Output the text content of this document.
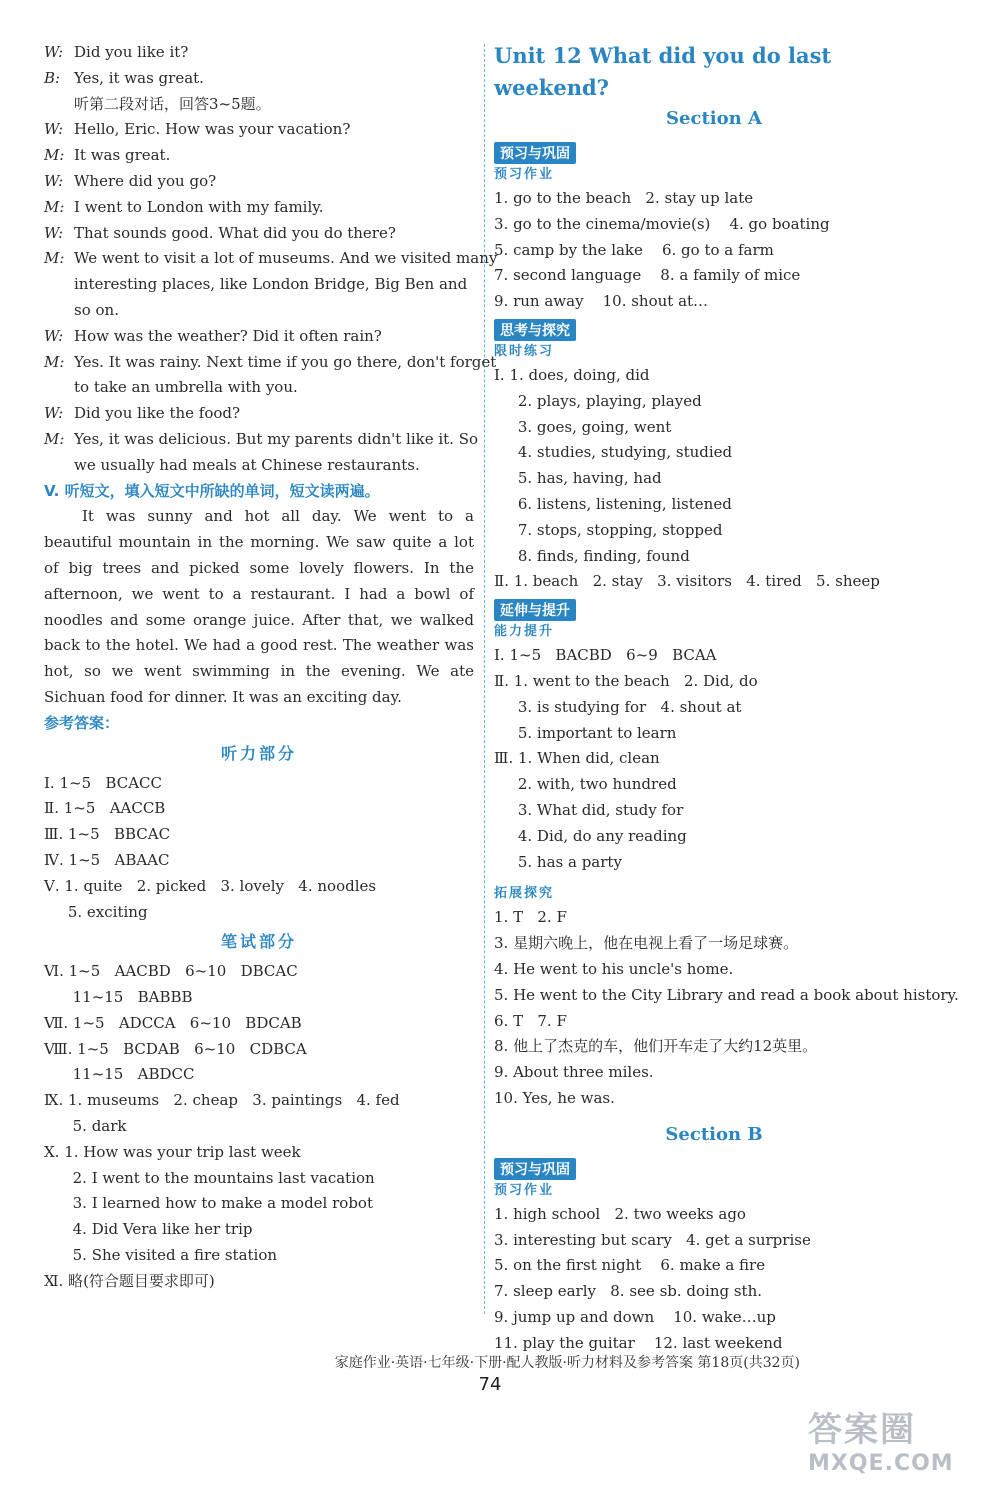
W: Did you like it?

B: Yes, it was great.

听第二段对话，回答3~5题。

W: Hello, Eric. How was your vacation?

M: It was great.

W: Where did you go?

M: I went to London with my family.

W: That sounds good. What did you do there?

M: We went to visit a lot of museums. And we visited many

interesting places, like London Bridge, Big Ben and

so on.

W: How was the weather? Did it often rain?

M: Yes. It was rainy. Next time if you go there, don't forget

to take an umbrella with you.

W: Did you like the food?

M: Yes, it was delicious. But my parents didn't like it. So

we usually had meals at Chinese restaurants.

V. 听短文，填入短文中所缺的单词，短文读两遍。

It was sunny and hot all day. We went to a beautiful mountain in the morning. We saw quite a lot of big trees and picked some lovely flowers. In the afternoon, we went to a restaurant. I had a bowl of noodles and some orange juice. After that, we walked back to the hotel. We had a good rest. The weather was hot, so we went swimming in the evening. We ate Sichuan food for dinner. It was an exciting day.

参考答案：

听力部分

Ⅰ. 1~5   BCACC

Ⅱ. 1~5   AACCB

Ⅲ. 1~5   BBCAC

Ⅳ. 1~5   ABAAC

Ⅴ. 1. quite   2. picked   3. lovely   4. noodles

5. exciting

笔试部分

Ⅵ. 1~5   AACBD   6~10   DBCAC

11~15   BABBB

Ⅶ. 1~5   ADCCA   6~10   BDCAB

Ⅷ. 1~5   BCDAB   6~10   CDBCA

11~15   ABDCC

Ⅸ. 1. museums   2. cheap   3. paintings   4. fed

5. dark

Ⅹ. 1. How was your trip last week

2. I went to the mountains last vacation

3. I learned how to make a model robot

4. Did Vera like her trip

5. She visited a fire station

Ⅺ. 略(符合题目要求即可)

Unit 12 What did you do last weekend?

Section A

预习与巩固

预习作业

1. go to the beach   2. stay up late

3. go to the cinema/movie(s)    4. go boating

5. camp by the lake    6. go to a farm

7. second language    8. a family of mice

9. run away    10. shout at…

思考与探究

限时练习

Ⅰ. 1. does, doing, did

2. plays, playing, played

3. goes, going, went

4. studies, studying, studied

5. has, having, had

6. listens, listening, listened

7. stops, stopping, stopped

8. finds, finding, found

Ⅱ. 1. beach   2. stay   3. visitors   4. tired   5. sheep

延伸与提升

能力提升

Ⅰ. 1~5   BACBD   6~9   BCAA

Ⅱ. 1. went to the beach   2. Did, do

3. is studying for   4. shout at

5. important to learn

Ⅲ. 1. When did, clean

2. with, two hundred

3. What did, study for

4. Did, do any reading

5. has a party

拓展探究

1. T   2. F

3. 星期六晚上，他在电视上看了一场足球赛。

4. He went to his uncle's home.

5. He went to the City Library and read a book about history.

6. T   7. F

8. 他上了杰克的车，他们开车走了大约12英里。

9. About three miles.

10. Yes, he was.

Section B

预习与巩固

预习作业

1. high school   2. two weeks ago

3. interesting but scary   4. get a surprise

5. on the first night    6. make a fire

7. sleep early   8. see sb. doing sth.

9. jump up and down    10. wake…up

11. play the guitar    12. last weekend

家庭作业·英语·七年级·下册·配人教版·听力材料及参考答案 第18页(共32页)
74
答案圈
MXQE.COM
